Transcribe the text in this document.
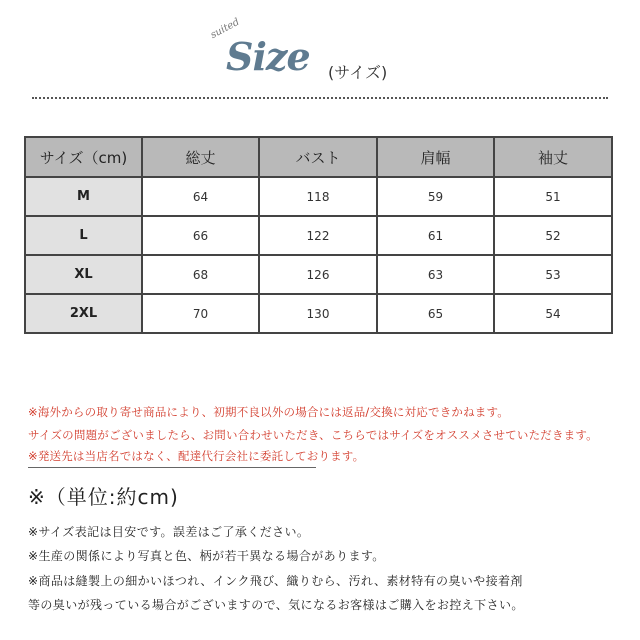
suited
Size (サイズ)
サイズ（cm)	総丈	バスト	肩幅	袖丈
M	64	118	59	51
L	66	122	61	52
XL	68	126	63	53
2XL	70	130	65	54
※海外からの取り寄せ商品により、初期不良以外の場合には返品/交換に対応できかねます。
サイズの問題がございましたら、お問い合わせいただき、こちらではサイズをオススメさせていただきます。
※発送先は当店名ではなく、配達代行会社に委託しております。
※（単位:約cm)
※サイズ表記は目安です。誤差はご了承ください。
※生産の関係により写真と色、柄が若干異なる場合があります。
※商品は縫製上の細かいほつれ、インク飛び、織りむら、汚れ、素材特有の臭いや接着剤
等の臭いが残っている場合がございますので、気になるお客様はご購入をお控え下さい。
